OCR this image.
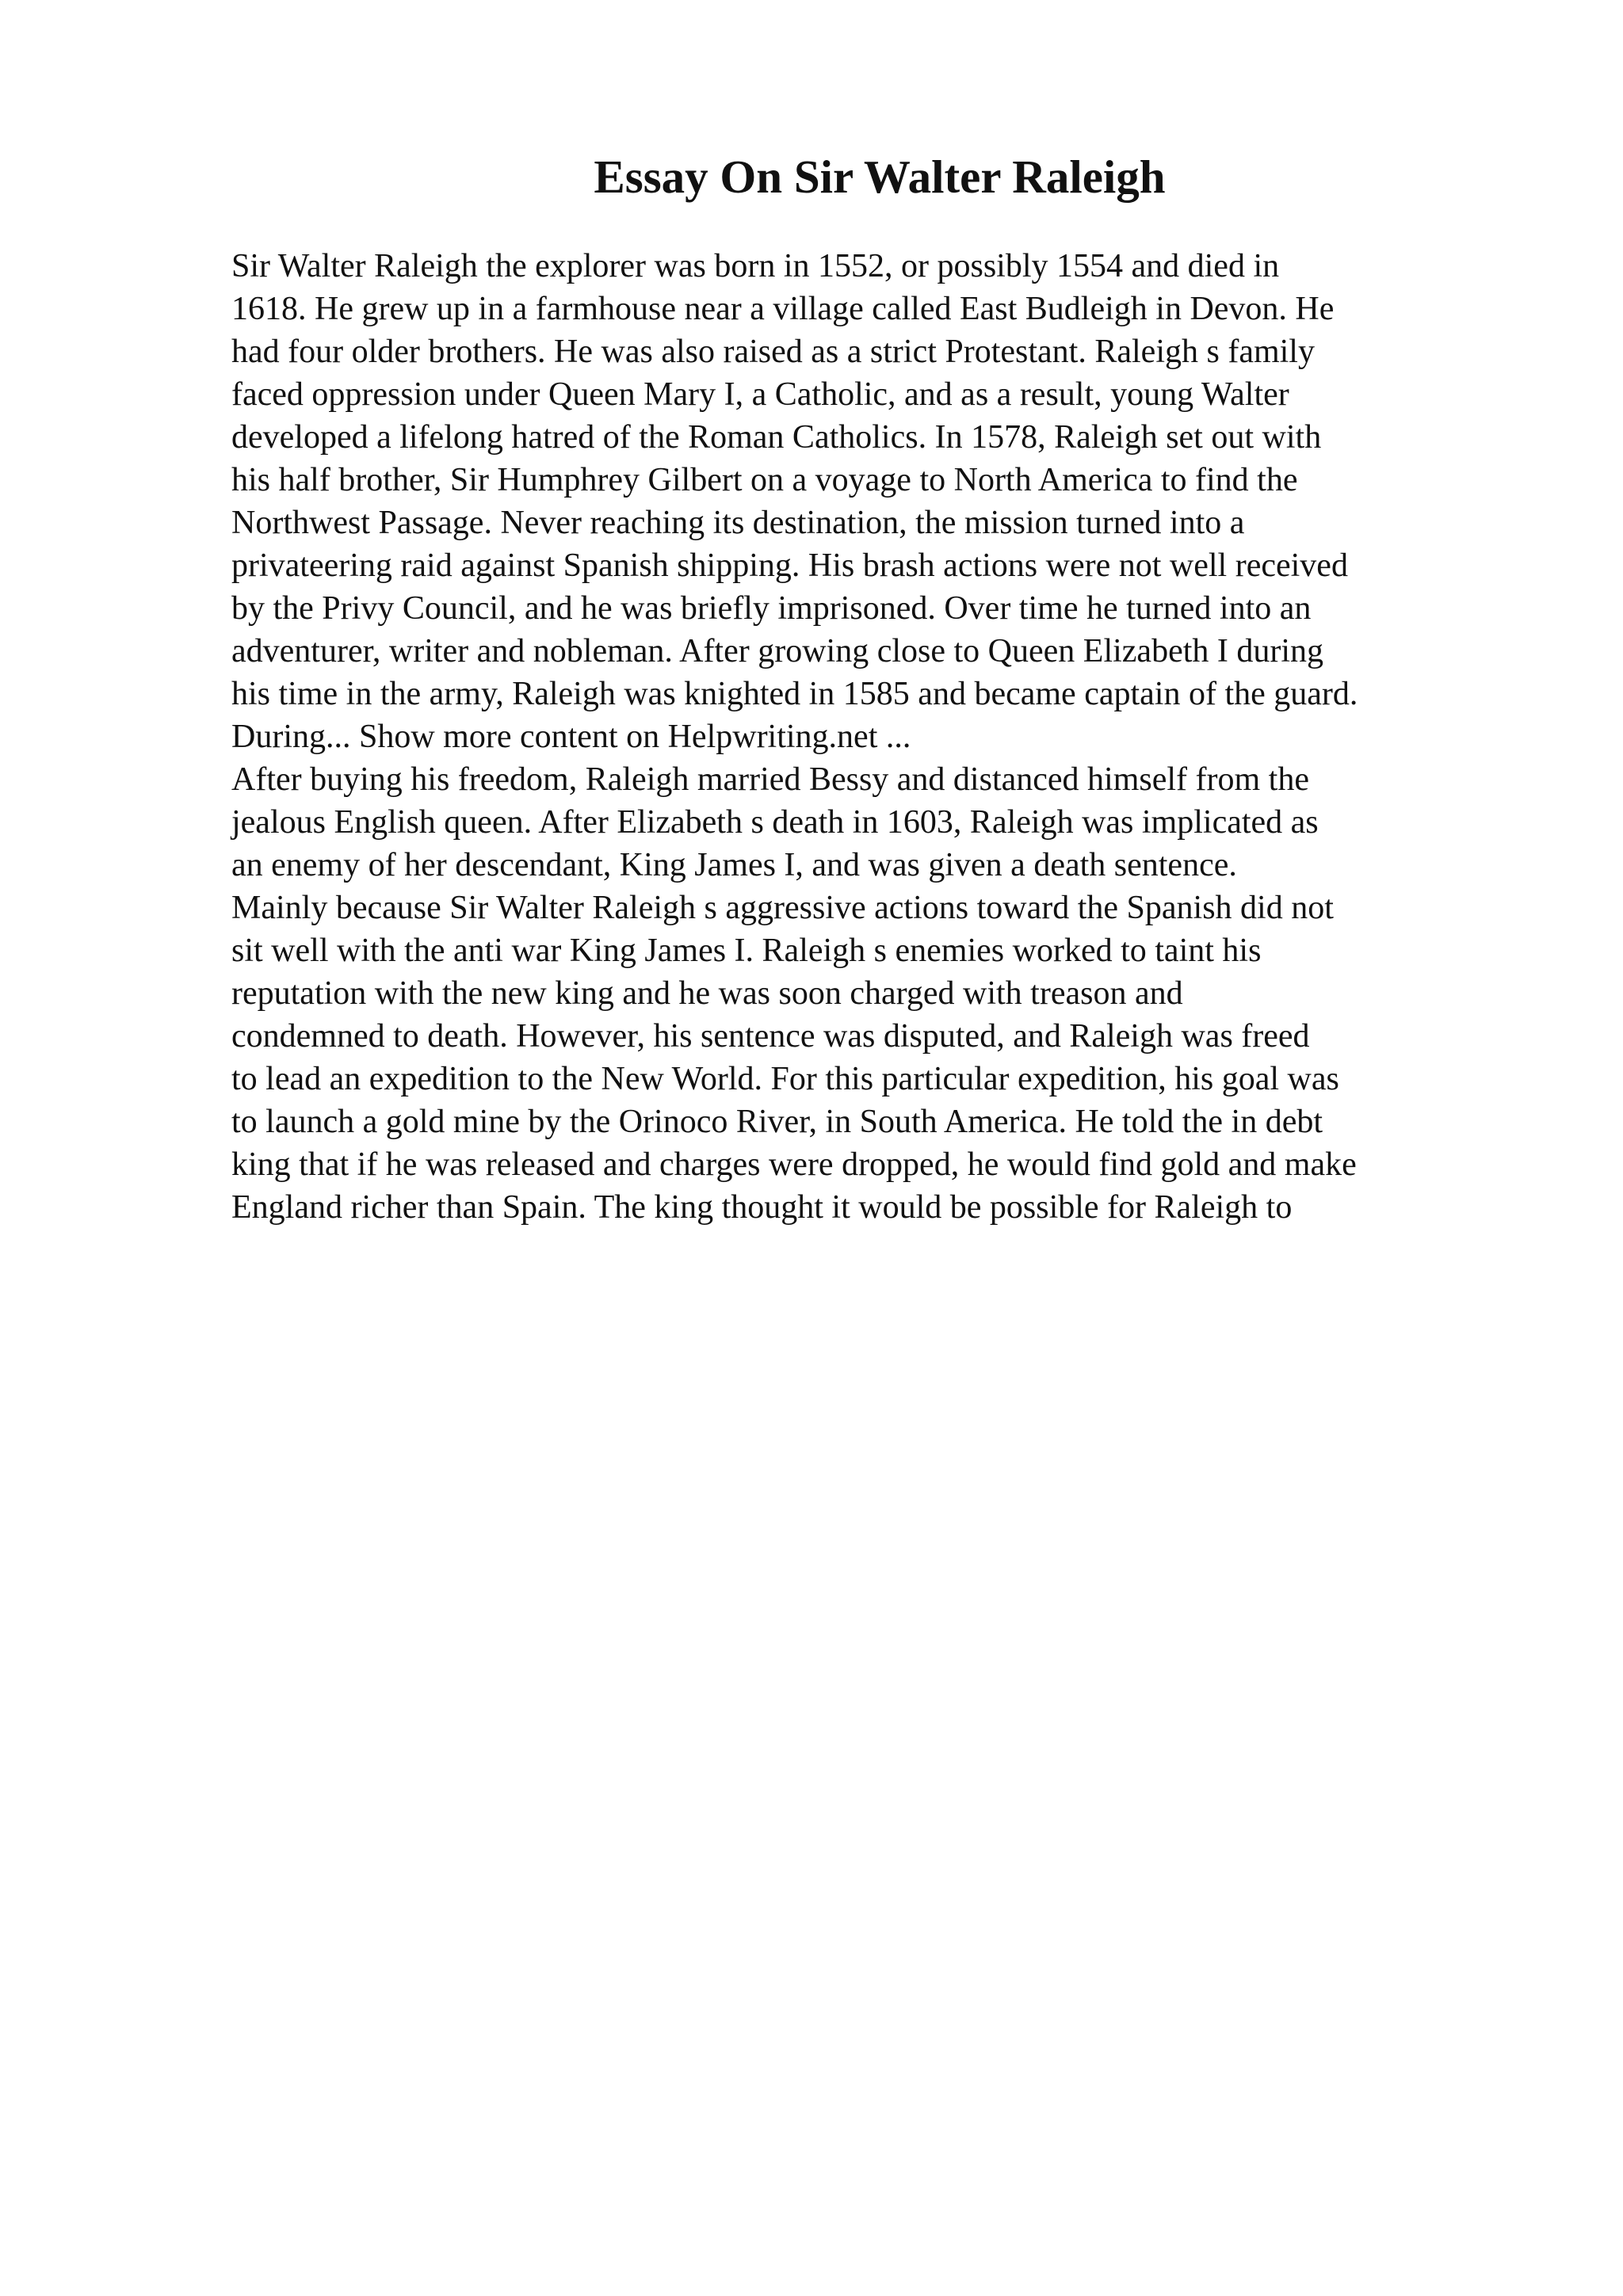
Essay On Sir Walter Raleigh
Sir Walter Raleigh the explorer was born in 1552, or possibly 1554 and died in
1618. He grew up in a farmhouse near a village called East Budleigh in Devon. He
had four older brothers. He was also raised as a strict Protestant. Raleigh s family
faced oppression under Queen Mary I, a Catholic, and as a result, young Walter
developed a lifelong hatred of the Roman Catholics. In 1578, Raleigh set out with
his half brother, Sir Humphrey Gilbert on a voyage to North America to find the
Northwest Passage. Never reaching its destination, the mission turned into a
privateering raid against Spanish shipping. His brash actions were not well received
by the Privy Council, and he was briefly imprisoned. Over time he turned into an
adventurer, writer and nobleman. After growing close to Queen Elizabeth I during
his time in the army, Raleigh was knighted in 1585 and became captain of the guard.
During... Show more content on Helpwriting.net ...
After buying his freedom, Raleigh married Bessy and distanced himself from the
jealous English queen. After Elizabeth s death in 1603, Raleigh was implicated as
an enemy of her descendant, King James I, and was given a death sentence.
Mainly because Sir Walter Raleigh s aggressive actions toward the Spanish did not
sit well with the anti war King James I. Raleigh s enemies worked to taint his
reputation with the new king and he was soon charged with treason and
condemned to death. However, his sentence was disputed, and Raleigh was freed
to lead an expedition to the New World. For this particular expedition, his goal was
to launch a gold mine by the Orinoco River, in South America. He told the in debt
king that if he was released and charges were dropped, he would find gold and make
England richer than Spain. The king thought it would be possible for Raleigh to
